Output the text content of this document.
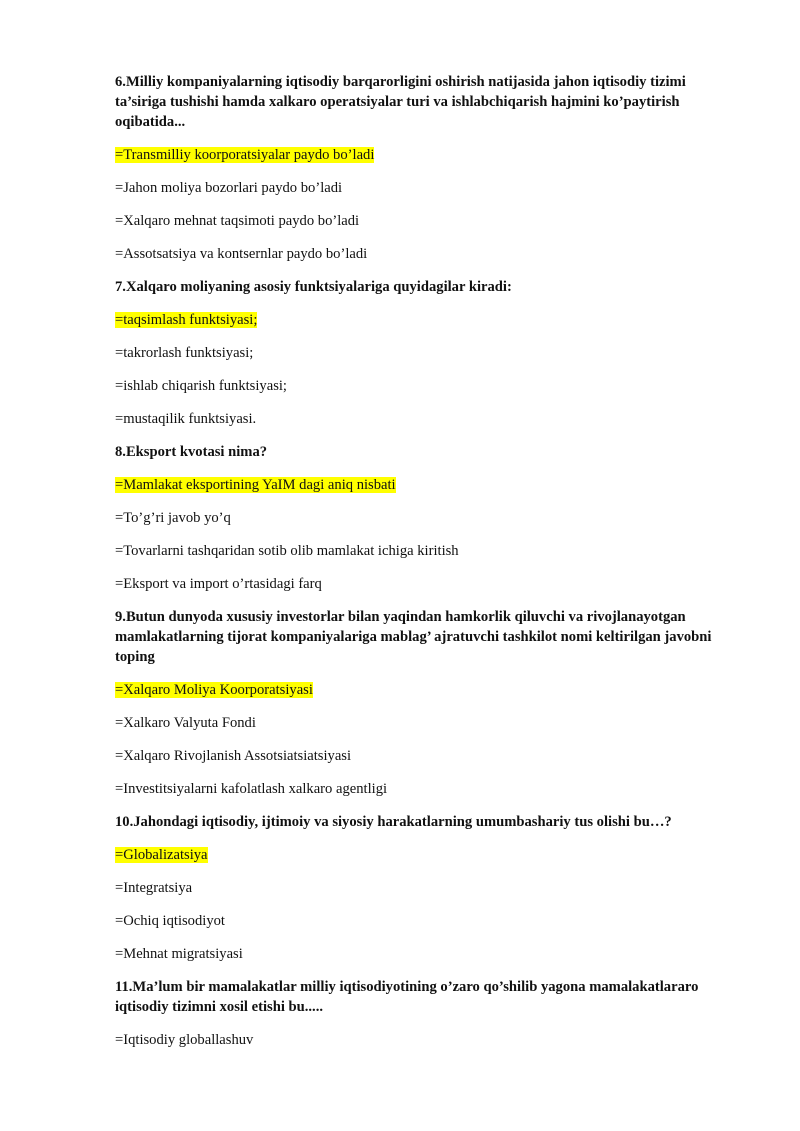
6.Milliy kompaniyalarning iqtisodiy barqarorligini oshirish natijasida jahon iqtisodiy tizimi ta’siriga tushishi hamda xalkaro operatsiyalar turi va ishlabchiqarish hajmini ko’paytirish oqibatida...

=Transmilliy koorporatsiyalar paydo bo’ladi

=Jahon moliya bozorlari paydo bo’ladi

=Xalqaro mehnat taqsimoti paydo bo’ladi

=Assotsatsiya va kontsernlar paydo bo’ladi

7.Xalqaro moliyaning asosiy funktsiyalariga quyidagilar kiradi:

=taqsimlash funktsiyasi;

=takrorlash funktsiyasi;

=ishlab chiqarish funktsiyasi;

=mustaqilik funktsiyasi.

8.Eksport kvotasi nima?

=Mamlakat eksportining YaIM dagi aniq nisbati

=To’g’ri javob yo’q

=Tovarlarni tashqaridan sotib olib mamlakat ichiga kiritish

=Eksport va import o’rtasidagi farq

9.Butun dunyoda xususiy investorlar bilan yaqindan hamkorlik qiluvchi va rivojlanayotgan mamlakatlarning tijorat kompaniyalariga mablag’ ajratuvchi tashkilot nomi keltirilgan javobni toping

=Xalqaro Moliya Koorporatsiyasi

=Xalkaro Valyuta Fondi

=Xalqaro Rivojlanish Assotsiatsiatsiyasi

=Investitsiyalarni kafolatlash xalkaro agentligi

10.Jahondagi iqtisodiy, ijtimoiy va siyosiy harakatlarning umumbashariy tus olishi bu…?

=Globalizatsiya

=Integratsiya

=Ochiq iqtisodiyot

=Mehnat migratsiyasi

11.Ma’lum bir mamalakatlar milliy iqtisodiyotining o’zaro qo’shilib yagona mamalakatlararo iqtisodiy tizimni xosil etishi bu.....

=Iqtisodiy globallashuv
